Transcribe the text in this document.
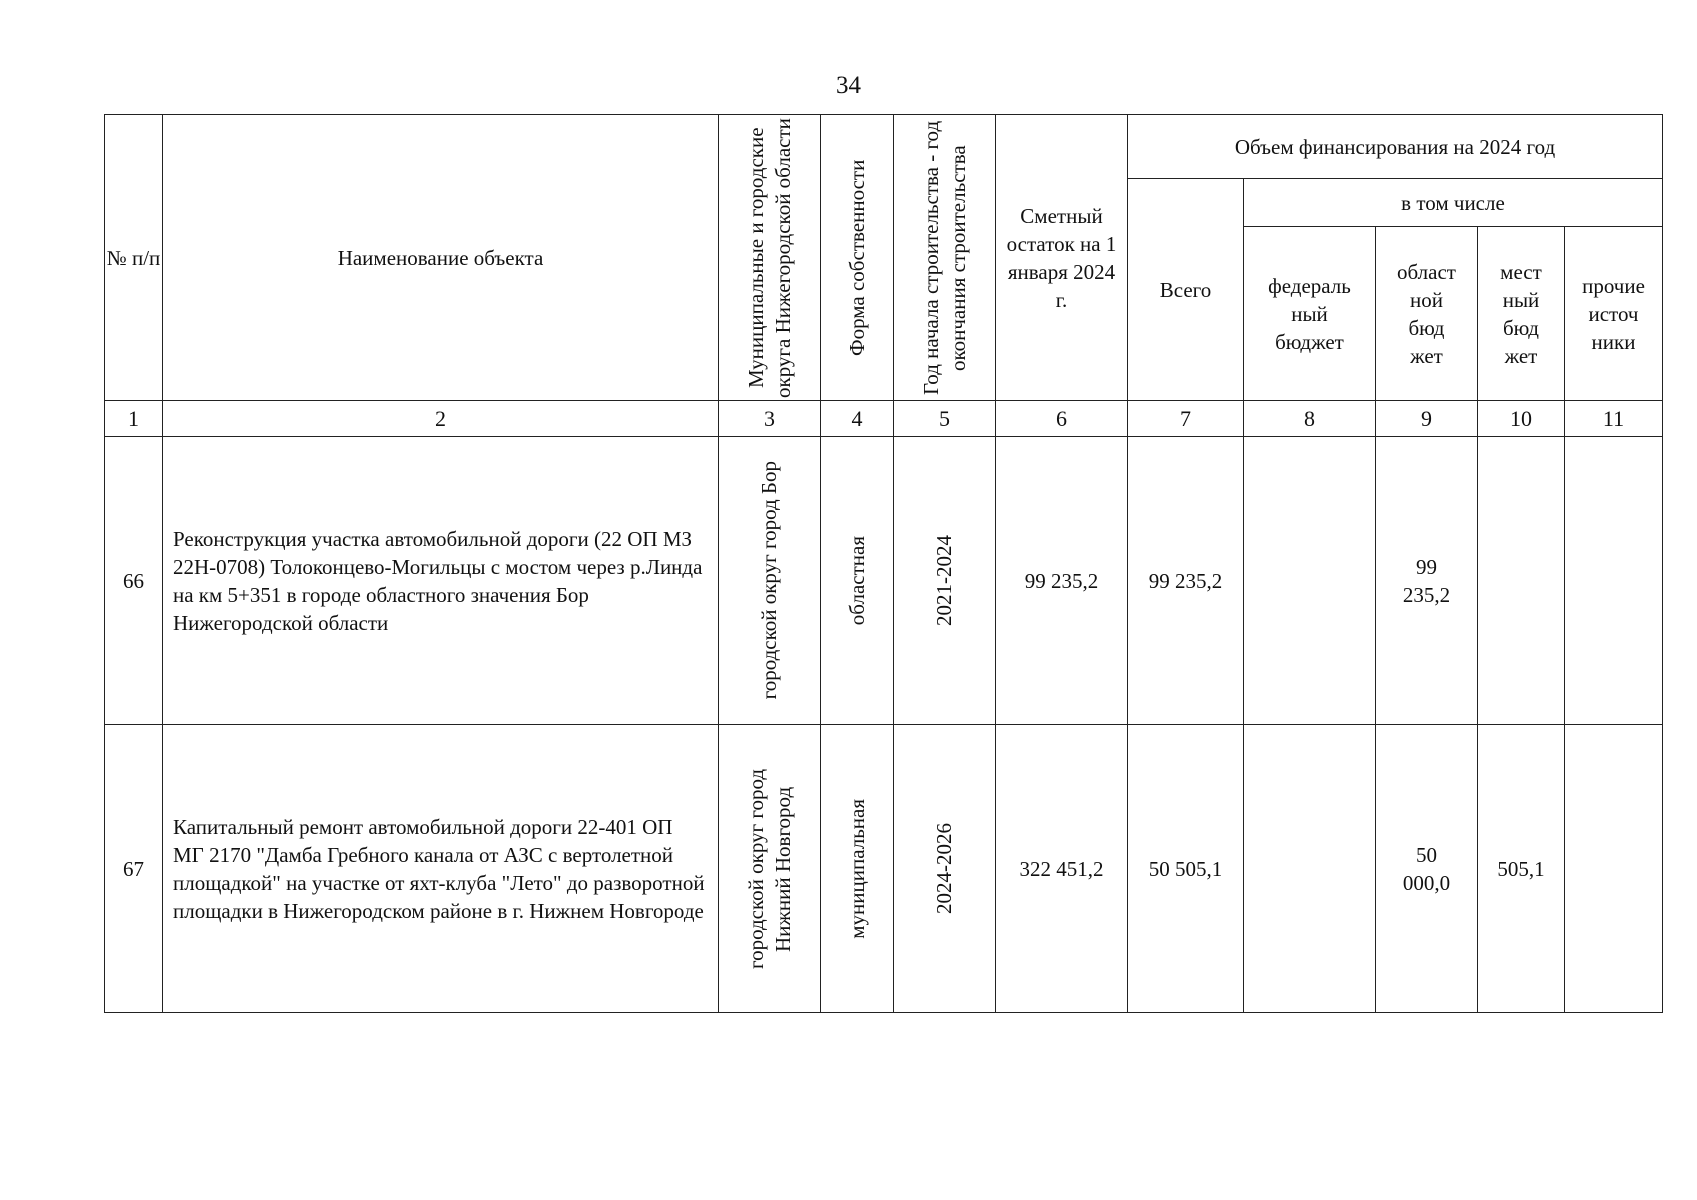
34
№ п/п	Наименование объекта	Муниципальные и городские округа Нижегородской области	Форма собственности	Год начала строительства - год окончания строительства	Сметный остаток на 1 января 2024 г.	Объем финансирования на 2024 год				
						Всего	в том числе			
							федераль ный бюджет	област ной бюд жет	мест ный бюд жет	прочие источ ники
1	2	3	4	5	6	7	8	9	10	11
66	Реконструкция участка автомобильной дороги (22 ОП МЗ 22Н-0708) Толоконцево-Могильцы с мостом через р.Линда на км 5+351 в городе областного значения Бор Нижегородской области	городской округ город Бор	областная	2021-2024	99 235,2	99 235,2		99 235,2		
67	Капитальный ремонт автомобильной дороги 22-401 ОП МГ 2170 "Дамба Гребного канала от АЗС с вертолетной площадкой" на участке от яхт-клуба "Лето" до разворотной площадки в Нижегородском районе в г. Нижнем Новгороде	городской округ город Нижний Новгород	муниципальная	2024-2026	322 451,2	50 505,1		50 000,0	505,1	
